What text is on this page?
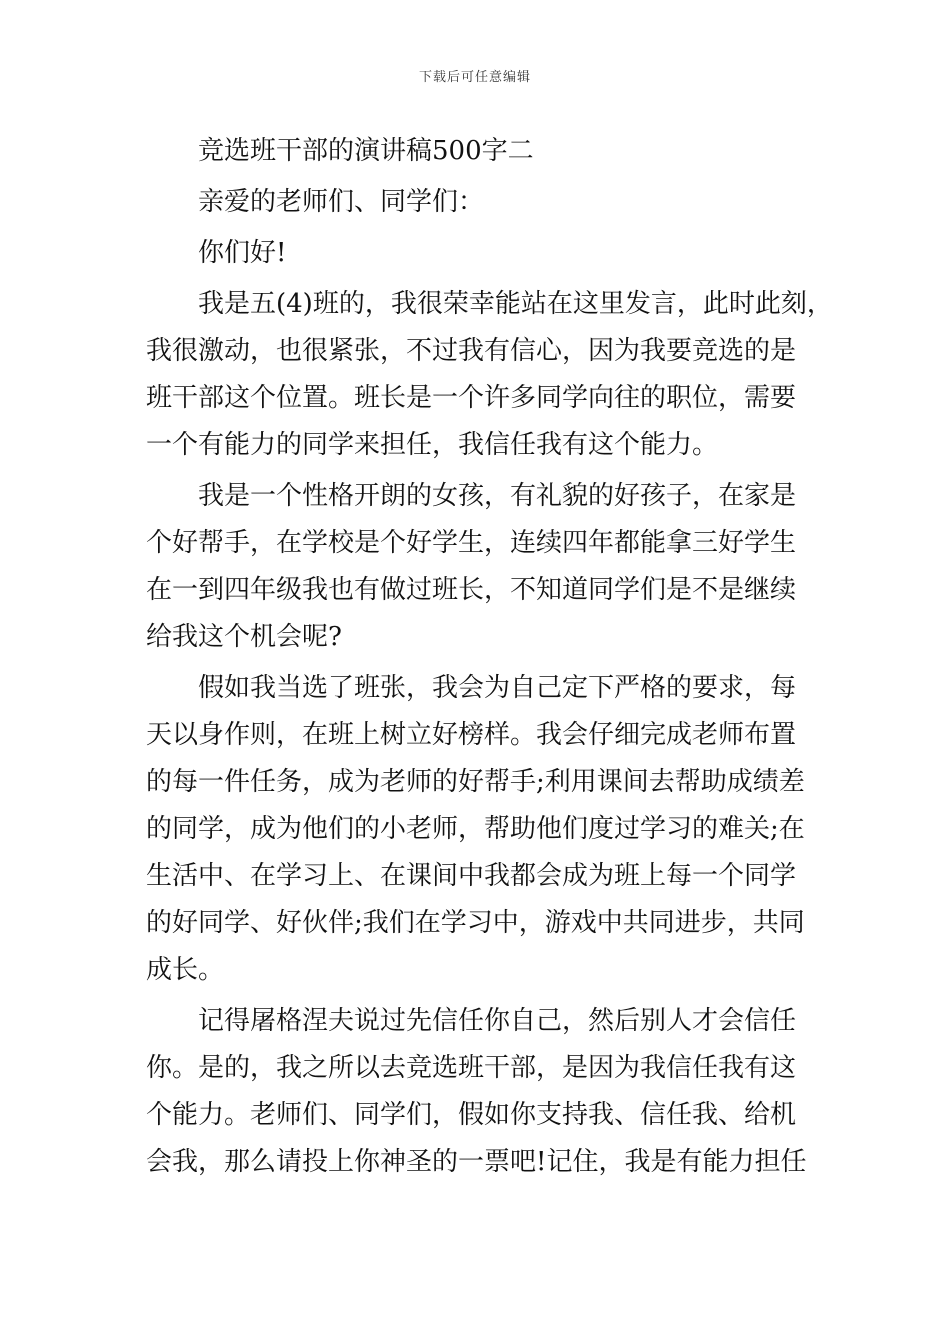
下载后可任意编辑
竞选班干部的演讲稿500字二
亲爱的老师们、同学们：
你们好!
我是五(4)班的，我很荣幸能站在这里发言，此时此刻，
我很激动，也很紧张，不过我有信心，因为我要竞选的是
班干部这个位置。班长是一个许多同学向往的职位，需要
一个有能力的同学来担任，我信任我有这个能力。
我是一个性格开朗的女孩，有礼貌的好孩子，在家是
个好帮手，在学校是个好学生，连续四年都能拿三好学生
在一到四年级我也有做过班长，不知道同学们是不是继续
给我这个机会呢?
假如我当选了班张，我会为自己定下严格的要求，每
天以身作则，在班上树立好榜样。我会仔细完成老师布置
的每一件任务，成为老师的好帮手;利用课间去帮助成绩差
的同学，成为他们的小老师，帮助他们度过学习的难关;在
生活中、在学习上、在课间中我都会成为班上每一个同学
的好同学、好伙伴;我们在学习中，游戏中共同进步，共同
成长。
记得屠格涅夫说过先信任你自己，然后别人才会信任
你。是的，我之所以去竞选班干部，是因为我信任我有这
个能力。老师们、同学们，假如你支持我、信任我、给机
会我，那么请投上你神圣的一票吧!记住，我是有能力担任
